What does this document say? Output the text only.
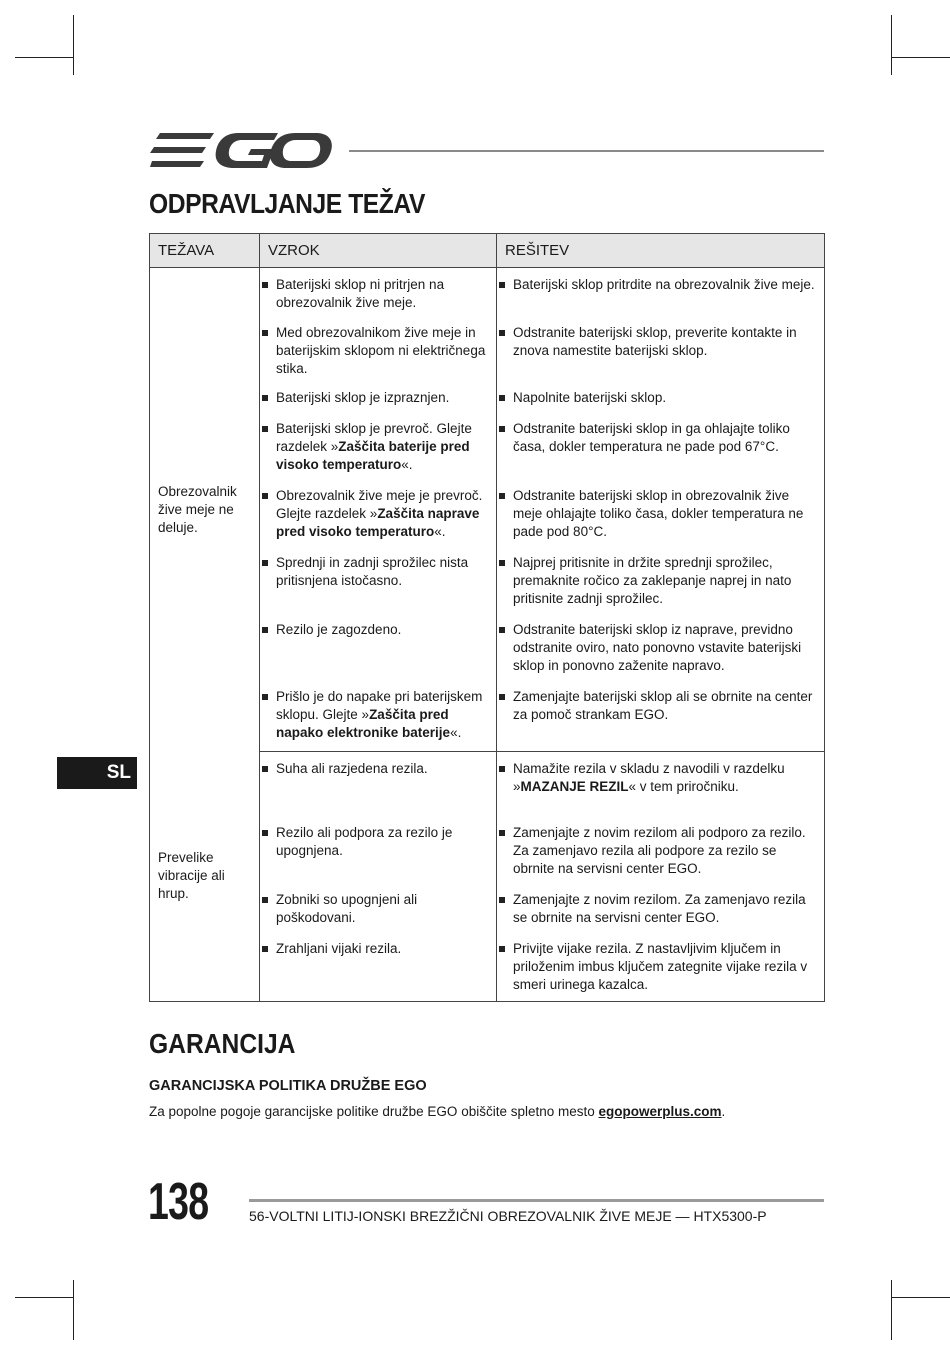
ODPRAVLJANJE TEŽAV
TEŽAVA	VZROK	REŠITEV
Obrezovalnik žive meje ne deluje.	Baterijski sklop ni pritrjen na obrezovalnik žive meje.	Baterijski sklop pritrdite na obrezovalnik žive meje.

	Med obrezovalnikom žive meje in baterijskim sklopom ni električnega stika.	Odstranite baterijski sklop, preverite kontakte in znova namestite baterijski sklop.

	Baterijski sklop je izpraznjen.	Napolnite baterijski sklop.

	Baterijski sklop je prevroč. Glejte razdelek »Zaščita baterije pred visoko temperaturo«.	Odstranite baterijski sklop in ga ohlajajte toliko časa, dokler temperatura ne pade pod 67°C.

	Obrezovalnik žive meje je prevroč. Glejte razdelek »Zaščita naprave pred visoko temperaturo«.	Odstranite baterijski sklop in obrezovalnik žive meje ohlajajte toliko časa, dokler temperatura ne pade pod 80°C.

	Sprednji in zadnji sprožilec nista pritisnjena istočasno.	Najprej pritisnite in držite sprednji sprožilec, premaknite ročico za zaklepanje naprej in nato pritisnite zadnji sprožilec.

	Rezilo je zagozdeno.	Odstranite baterijski sklop iz naprave, previdno odstranite oviro, nato ponovno vstavite baterijski sklop in ponovno zaženite napravo.

	Prišlo je do napake pri baterijskem sklopu. Glejte »Zaščita pred napako elektronike baterije«.	Zamenjajte baterijski sklop ali se obrnite na center za pomoč strankam EGO.

Prevelike vibracije ali hrup.	Suha ali razjedena rezila.	Namažite rezila v skladu z navodili v razdelku »MAZANJE REZIL« v tem priročniku.

	Rezilo ali podpora za rezilo je upognjena.	Zamenjajte z novim rezilom ali podporo za rezilo. Za zamenjavo rezila ali podpore za rezilo se obrnite na servisni center EGO.

	Zobniki so upognjeni ali poškodovani.	Zamenjajte z novim rezilom. Za zamenjavo rezila se obrnite na servisni center EGO.

	Zrahljani vijaki rezila.	Privijte vijake rezila. Z nastavljivim ključem in priloženim imbus ključem zategnite vijake rezila v smeri urinega kazalca.
SL
GARANCIJA
GARANCIJSKA POLITIKA DRUŽBE EGO
Za popolne pogoje garancijske politike družbe EGO obiščite spletno mesto egopowerplus.com.
138	56-VOLTNI LITIJ-IONSKI BREZŽIČNI OBREZOVALNIK ŽIVE MEJE — HTX5300-P
